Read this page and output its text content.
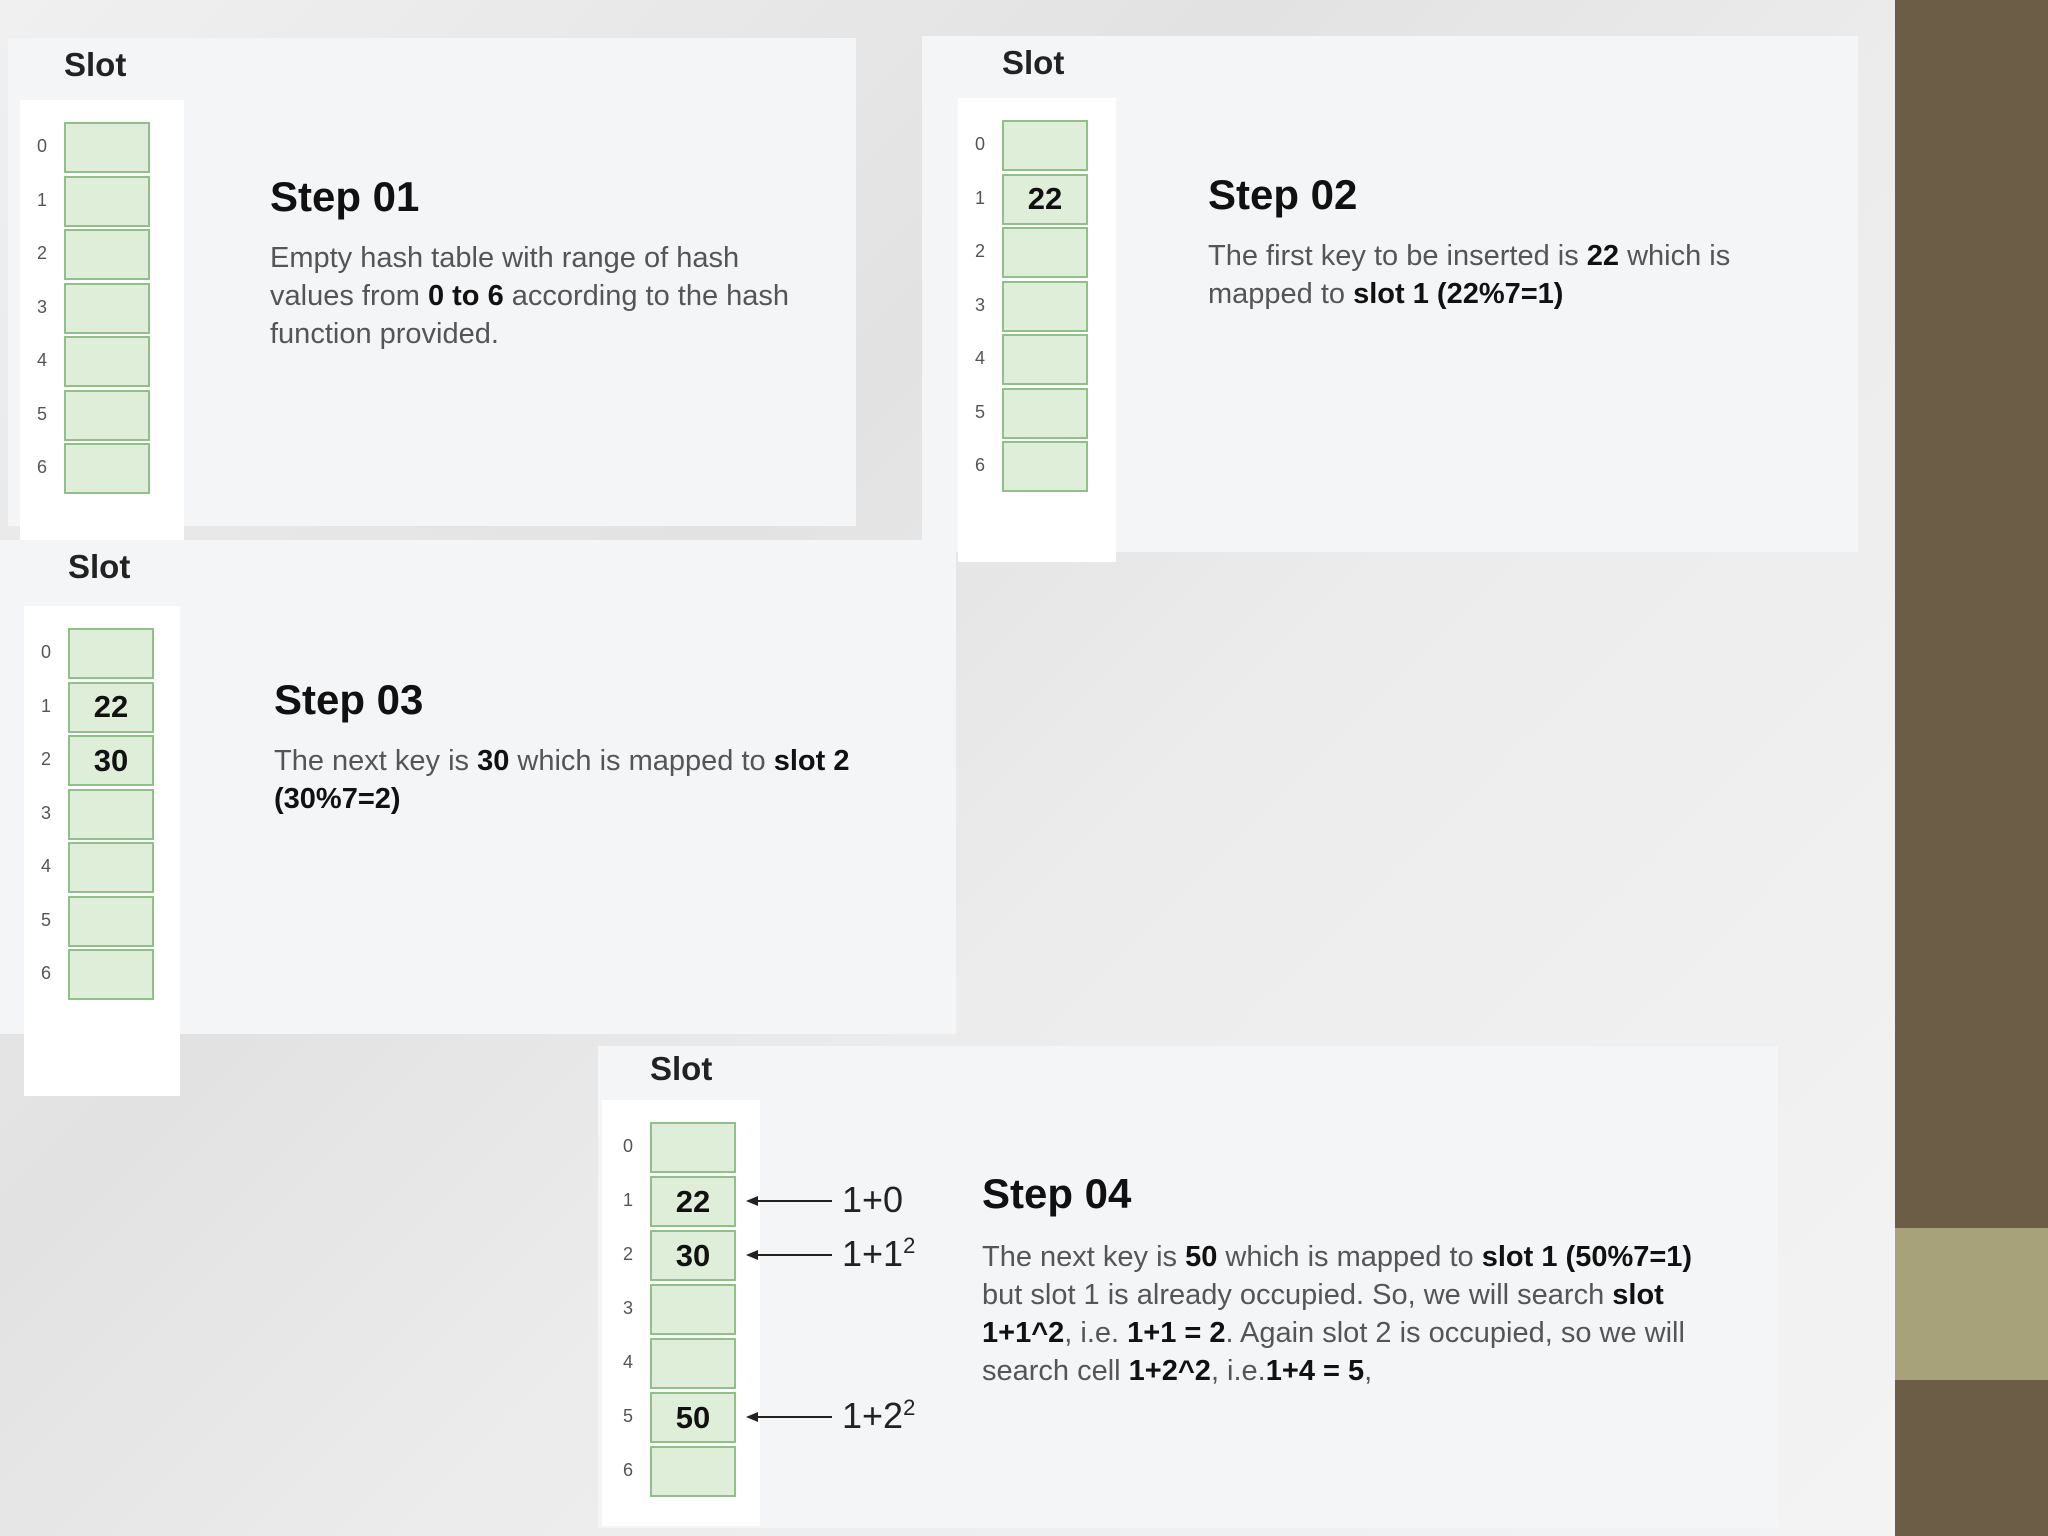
Slot
0
1
2
3
4
5
6
Step 01
Empty hash table with range of hash values from 0 to 6 according to the hash function provided.
Slot
22
0
1
2
3
4
5
6
Step 02
The first key to be inserted is 22 which is mapped to slot 1 (22%7=1)
Slot
22
30
0
1
2
3
4
5
6
Step 03
The next key is 30 which is mapped to slot 2 (30%7=2)
Slot
22
30
50
0
1
2
3
4
5
6
1+0
$1+1^2$
$1+2^2$
Step 04
The next key is 50 which is mapped to slot 1 (50%7=1) but slot 1 is already occupied. So, we will search slot 1+1^2, i.e. 1+1 = 2. Again slot 2 is occupied, so we will search cell 1+2^2, i.e.1+4 = 5,
